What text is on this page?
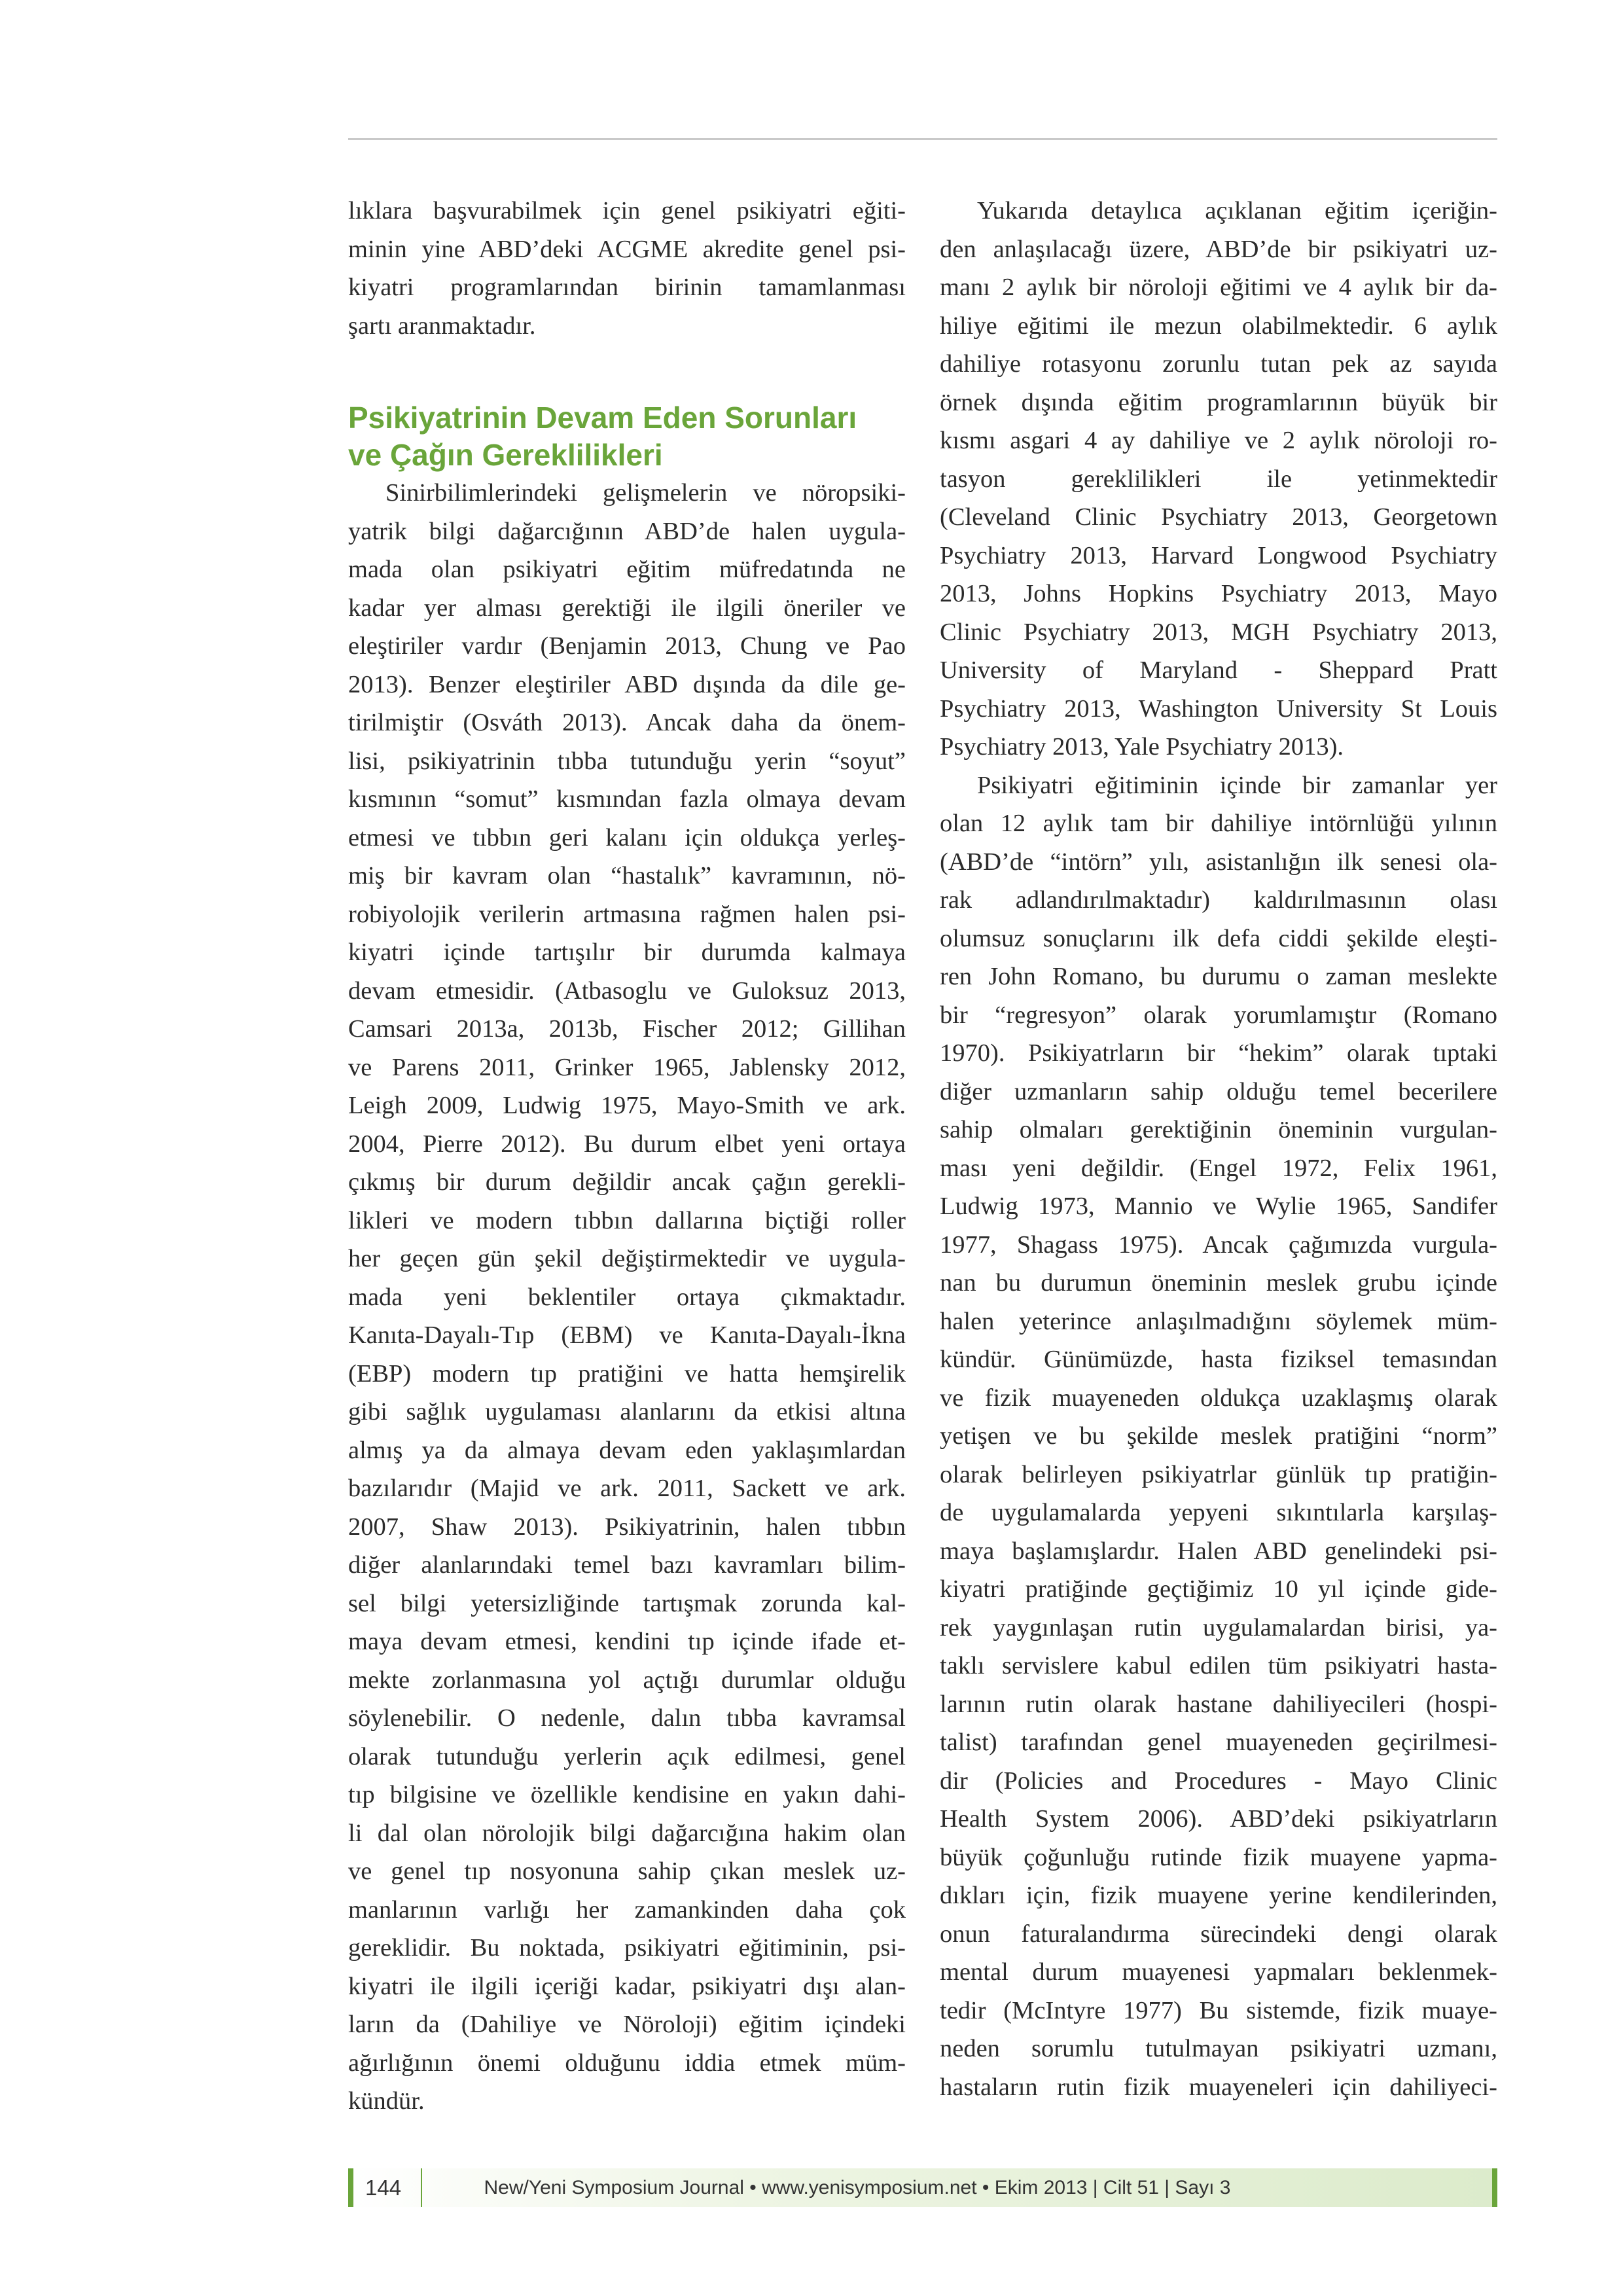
lıklara başvurabilmek için genel psikiyatri eğiti-

minin yine ABD’deki ACGME akredite genel psi-

kiyatri programlarından birinin tamamlanması

şartı aranmaktadır.

Psikiyatrinin Devam Eden Sorunları
ve Çağın Gereklilikleri

Sinirbilimlerindeki gelişmelerin ve nöropsiki-

yatrik bilgi dağarcığının ABD’de halen uygula-

mada olan psikiyatri eğitim müfredatında ne

kadar yer alması gerektiği ile ilgili öneriler ve

eleştiriler vardır (Benjamin 2013, Chung ve Pao

2013). Benzer eleştiriler ABD dışında da dile ge-

tirilmiştir (Osváth 2013). Ancak daha da önem-

lisi, psikiyatrinin tıbba tutunduğu yerin “soyut”

kısmının “somut” kısmından fazla olmaya devam

etmesi ve tıbbın geri kalanı için oldukça yerleş-

miş bir kavram olan “hastalık” kavramının, nö-

robiyolojik verilerin artmasına rağmen halen psi-

kiyatri içinde tartışılır bir durumda kalmaya

devam etmesidir. (Atbasoglu ve Guloksuz 2013,

Camsari 2013a, 2013b, Fischer 2012; Gillihan

ve Parens 2011, Grinker 1965, Jablensky 2012,

Leigh 2009, Ludwig 1975, Mayo-Smith ve ark.

2004, Pierre 2012). Bu durum elbet yeni ortaya

çıkmış bir durum değildir ancak çağın gerekli-

likleri ve modern tıbbın dallarına biçtiği roller

her geçen gün şekil değiştirmektedir ve uygula-

mada yeni beklentiler ortaya çıkmaktadır.

Kanıta-Dayalı-Tıp (EBM) ve Kanıta-Dayalı-İkna

(EBP) modern tıp pratiğini ve hatta hemşirelik

gibi sağlık uygulaması alanlarını da etkisi altına

almış ya da almaya devam eden yaklaşımlardan

bazılarıdır (Majid ve ark. 2011, Sackett ve ark.

2007, Shaw 2013). Psikiyatrinin, halen tıbbın

diğer alanlarındaki temel bazı kavramları bilim-

sel bilgi yetersizliğinde tartışmak zorunda kal-

maya devam etmesi, kendini tıp içinde ifade et-

mekte zorlanmasına yol açtığı durumlar olduğu

söylenebilir. O nedenle, dalın tıbba kavramsal

olarak tutunduğu yerlerin açık edilmesi, genel

tıp bilgisine ve özellikle kendisine en yakın dahi-

li dal olan nörolojik bilgi dağarcığına hakim olan

ve genel tıp nosyonuna sahip çıkan meslek uz-

manlarının varlığı her zamankinden daha çok

gereklidir. Bu noktada, psikiyatri eğitiminin, psi-

kiyatri ile ilgili içeriği kadar, psikiyatri dışı alan-

ların da (Dahiliye ve Nöroloji) eğitim içindeki

ağırlığının önemi olduğunu iddia etmek müm-

kündür.

Yukarıda detaylıca açıklanan eğitim içeriğin-

den anlaşılacağı üzere, ABD’de bir psikiyatri uz-

manı 2 aylık bir nöroloji eğitimi ve 4 aylık bir da-

hiliye eğitimi ile mezun olabilmektedir. 6 aylık

dahiliye rotasyonu zorunlu tutan pek az sayıda

örnek dışında eğitim programlarının büyük bir

kısmı asgari 4 ay dahiliye ve 2 aylık nöroloji ro-

tasyon gereklilikleri ile yetinmektedir

(Cleveland Clinic Psychiatry 2013, Georgetown

Psychiatry 2013, Harvard Longwood Psychiatry

2013, Johns Hopkins Psychiatry 2013, Mayo

Clinic Psychiatry 2013, MGH Psychiatry 2013,

University of Maryland - Sheppard Pratt

Psychiatry 2013, Washington University St Louis

Psychiatry 2013, Yale Psychiatry 2013).

Psikiyatri eğitiminin içinde bir zamanlar yer

olan 12 aylık tam bir dahiliye intörnlüğü yılının

(ABD’de “intörn” yılı, asistanlığın ilk senesi ola-

rak adlandırılmaktadır) kaldırılmasının olası

olumsuz sonuçlarını ilk defa ciddi şekilde eleşti-

ren John Romano, bu durumu o zaman meslekte

bir “regresyon” olarak yorumlamıştır (Romano

1970). Psikiyatrların bir “hekim” olarak tıptaki

diğer uzmanların sahip olduğu temel becerilere

sahip olmaları gerektiğinin öneminin vurgulan-

ması yeni değildir. (Engel 1972, Felix 1961,

Ludwig 1973, Mannio ve Wylie 1965, Sandifer

1977, Shagass 1975). Ancak çağımızda vurgula-

nan bu durumun öneminin meslek grubu içinde

halen yeterince anlaşılmadığını söylemek müm-

kündür. Günümüzde, hasta fiziksel temasından

ve fizik muayeneden oldukça uzaklaşmış olarak

yetişen ve bu şekilde meslek pratiğini “norm”

olarak belirleyen psikiyatrlar günlük tıp pratiğin-

de uygulamalarda yepyeni sıkıntılarla karşılaş-

maya başlamışlardır. Halen ABD genelindeki psi-

kiyatri pratiğinde geçtiğimiz 10 yıl içinde gide-

rek yaygınlaşan rutin uygulamalardan birisi, ya-

taklı servislere kabul edilen tüm psikiyatri hasta-

larının rutin olarak hastane dahiliyecileri (hospi-

talist) tarafından genel muayeneden geçirilmesi-

dir (Policies and Procedures - Mayo Clinic

Health System 2006). ABD’deki psikiyatrların

büyük çoğunluğu rutinde fizik muayene yapma-

dıkları için, fizik muayene yerine kendilerinden,

onun faturalandırma sürecindeki dengi olarak

mental durum muayenesi yapmaları beklenmek-

tedir (McIntyre 1977) Bu sistemde, fizik muaye-

neden sorumlu tutulmayan psikiyatri uzmanı,

hastaların rutin fizik muayeneleri için dahiliyeci-

144	New/Yeni Symposium Journal • www.yenisymposium.net • Ekim 2013 | Cilt 51 | Sayı 3
